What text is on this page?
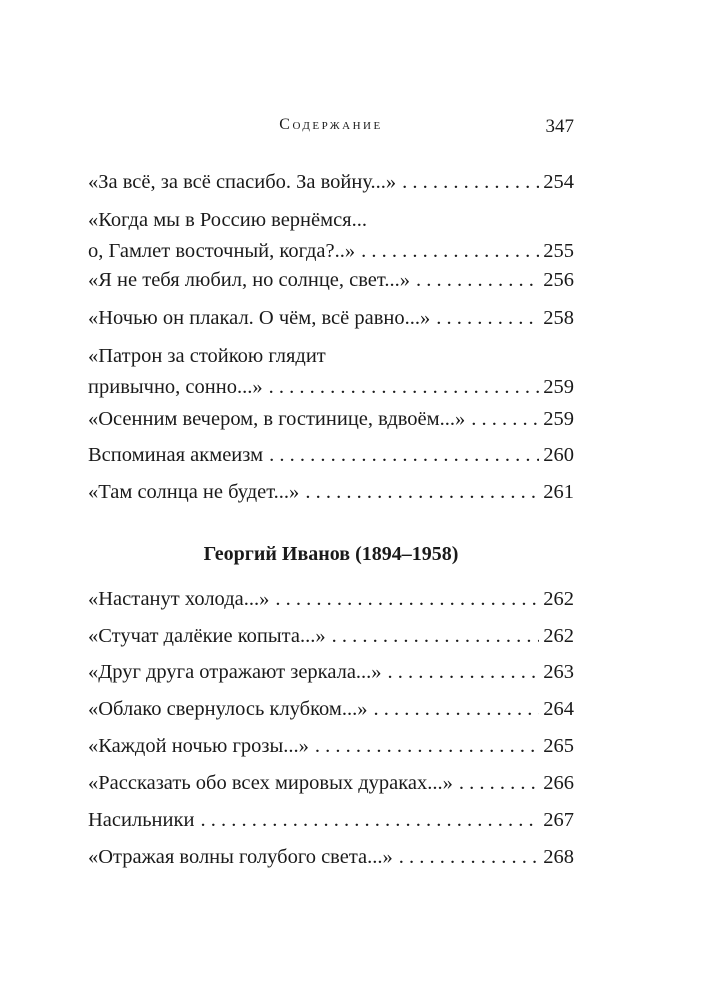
Содержание	347
«За всё, за всё спасибо. За войну...» . . .	254
«Когда мы в Россию вернёмся...
о, Гамлет восточный, когда?..» . . .	255
«Я не тебя любил, но солнце, свет...» . . .	256
«Ночью он плакал. О чём, всё равно...» . . .	258
«Патрон за стойкою глядит
привычно, сонно...» . . .	259
«Осенним вечером, в гостинице, вдвоём...» . . .	259
Вспоминая акмеизм . . .	260
«Там солнца не будет...» . . .	261
Георгий Иванов (1894–1958)
«Настанут холода...» . . .	262
«Стучат далёкие копыта...» . . .	262
«Друг друга отражают зеркала...» . . .	263
«Облако свернулось клубком...» . . .	264
«Каждой ночью грозы...» . . .	265
«Рассказать обо всех мировых дураках...» . . .	266
Насильники . . .	267
«Отражая волны голубого света...» . . .	268
